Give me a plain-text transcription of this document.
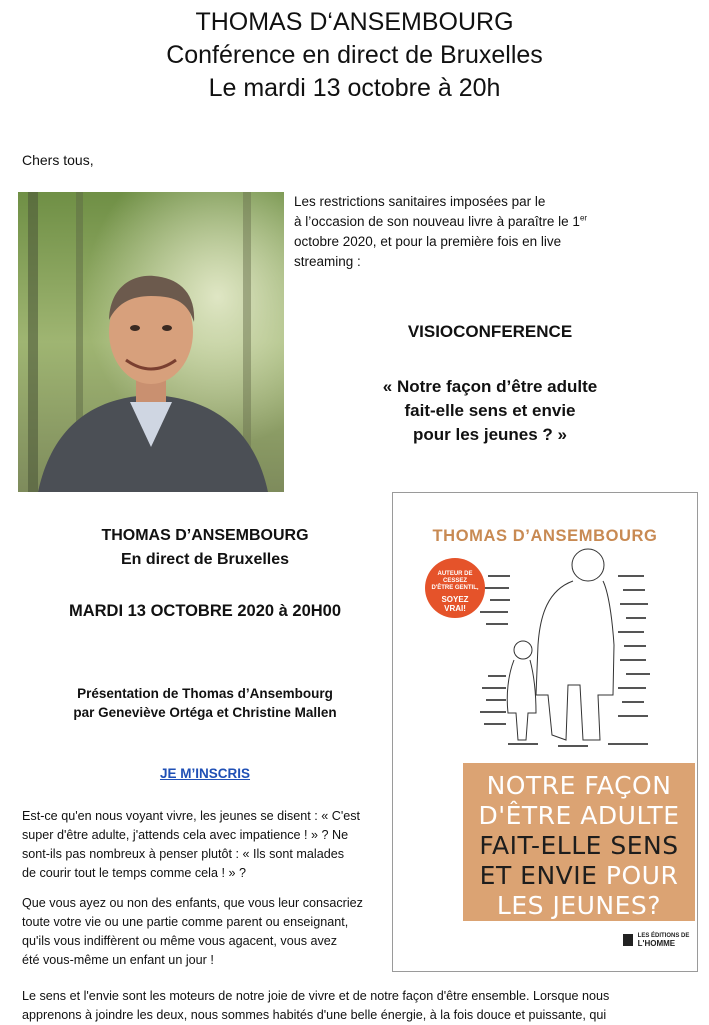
THOMAS D‘ANSEMBOURG
Conférence en direct de Bruxelles
Le mardi 13 octobre à 20h
Chers tous,
Les restrictions sanitaires imposées par le
à l’occasion de son nouveau livre à paraître le 1er
octobre 2020, et pour la première fois en live
streaming :
VISIOCONFERENCE
« Notre façon d’être adulte
fait-elle sens et envie
pour les jeunes ? »
THOMAS D’ANSEMBOURG
En direct de Bruxelles
MARDI 13 OCTOBRE 2020 à 20H00
Présentation de Thomas d’Ansembourg
par Geneviève Ortéga et Christine Mallen
JE M’INSCRIS
Est-ce qu'en nous voyant vivre, les jeunes se disent : « C'est
super d'être adulte, j'attends cela avec impatience ! » ? Ne
sont-ils pas nombreux à penser plutôt : « Ils sont malades
de courir tout le temps comme cela ! » ?
Que vous ayez ou non des enfants, que vous leur consacriez
toute votre vie ou une partie comme parent ou enseignant,
qu'ils vous indiffèrent ou même vous agacent, vous avez
été vous-même un enfant un jour !
Le sens et l'envie sont les moteurs de notre joie de vivre et de notre façon d'être ensemble. Lorsque nous
apprenons à joindre les deux, nous sommes habités d'une belle énergie, à la fois douce et puissante, qui
THOMAS D’ANSEMBOURG
AUTEUR DE
CESSEZ
D'ÊTRE GENTIL,
SOYEZ
VRAI!
NOTRE FAÇON
D'ÊTRE ADULTE
FAIT-ELLE SENS
ET ENVIE POUR
LES JEUNES?

LES ÉDITIONS DE
L'HOMME
